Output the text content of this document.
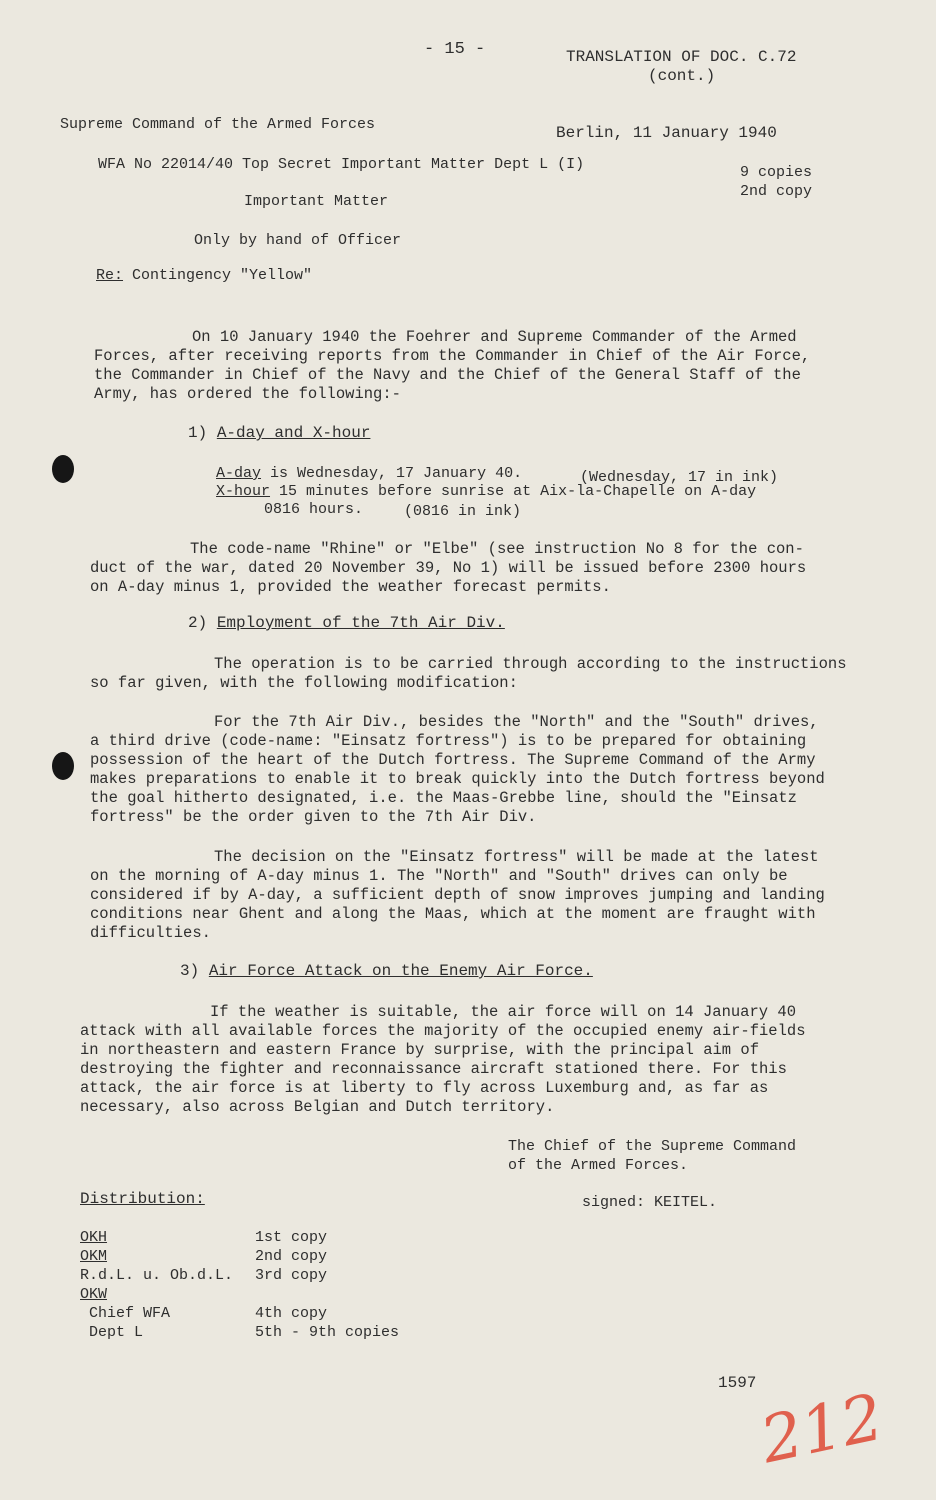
- 15 -	TRANSLATION OF DOC. C.72
(cont.)
Supreme Command of the Armed Forces	Berlin, 11 January 1940
WFA No 22014/40 Top Secret Important Matter Dept L (I)	9 copies
2nd copy
Important Matter
Only by hand of Officer
Re: Contingency "Yellow"
On 10 January 1940 the Foehrer and Supreme Commander of the Armed
Forces, after receiving reports from the Commander in Chief of the Air Force,
the Commander in Chief of the Navy and the Chief of the General Staff of the
Army, has ordered the following:-
1) A-day and X-hour
A-day is Wednesday, 17 January 40.	(Wednesday, 17 in ink)
X-hour 15 minutes before sunrise at Aix-la-Chapelle on A-day
0816 hours.	(0816 in ink)
The code-name "Rhine" or "Elbe" (see instruction No 8 for the con-
duct of the war, dated 20 November 39, No 1) will be issued before 2300 hours
on A-day minus 1, provided the weather forecast permits.
2) Employment of the 7th Air Div.
The operation is to be carried through according to the instructions
so far given, with the following modification:
For the 7th Air Div., besides the "North" and the "South" drives,
a third drive (code-name: "Einsatz fortress") is to be prepared for obtaining
possession of the heart of the Dutch fortress. The Supreme Command of the Army
makes preparations to enable it to break quickly into the Dutch fortress beyond
the goal hitherto designated, i.e. the Maas-Grebbe line, should the "Einsatz
fortress" be the order given to the 7th Air Div.
The decision on the "Einsatz fortress" will be made at the latest
on the morning of A-day minus 1. The "North" and "South" drives can only be
considered if by A-day, a sufficient depth of snow improves jumping and landing
conditions near Ghent and along the Maas, which at the moment are fraught with
difficulties.
3) Air Force Attack on the Enemy Air Force.
If the weather is suitable, the air force will on 14 January 40
attack with all available forces the majority of the occupied enemy air-fields
in northeastern and eastern France by surprise, with the principal aim of
destroying the fighter and reconnaissance aircraft stationed there. For this
attack, the air force is at liberty to fly across Luxemburg and, as far as
necessary, also across Belgian and Dutch territory.
The Chief of the Supreme Command
of the Armed Forces.
signed: KEITEL.
Distribution:
OKH	1st copy
OKM	2nd copy
R.d.L. u. Ob.d.L.	3rd copy
OKW
Chief WFA	4th copy
Dept L	5th - 9th copies
1597
212
